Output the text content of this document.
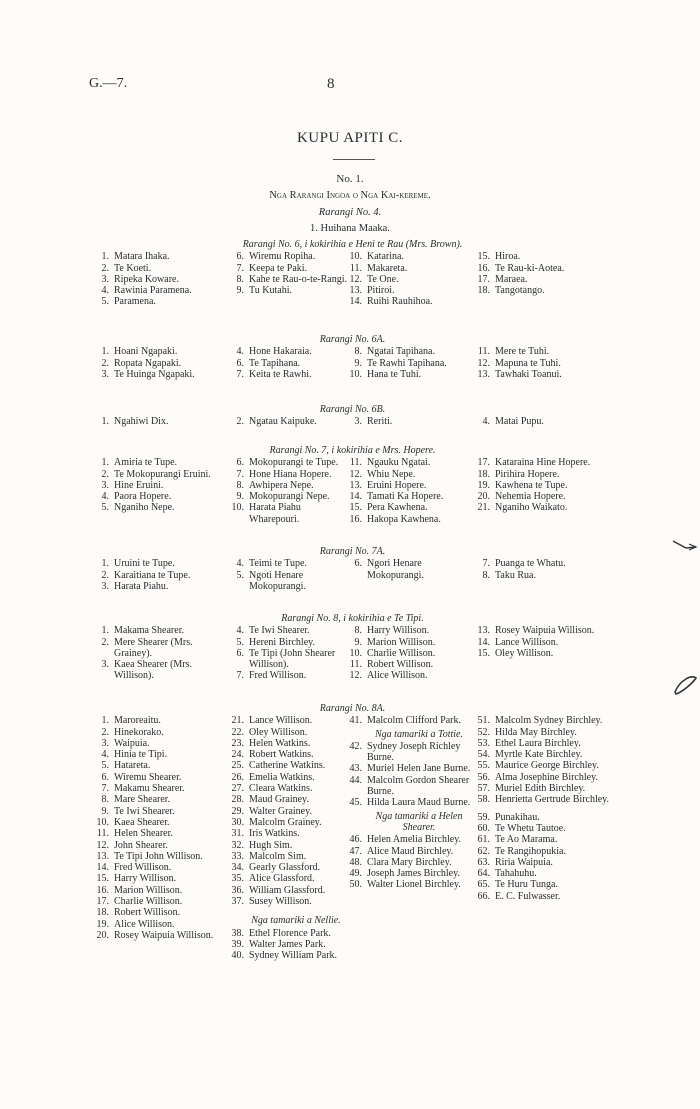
G.—7.	8
KUPU APITI C.
No. 1.
Nga Rarangi Ingoa o Nga Kai-kereme.
Rarangi No. 4.
1. Huihana Maaka.
Rarangi No. 6, i kokirihia e Heni te Rau (Mrs. Brown).
1. Matara Ihaka.
2. Te Koeti.
3. Ripeka Koware.
4. Rawinia Paramena.
5. Paramena.
6. Wiremu Ropiha.
7. Keepa te Paki.
8. Kahe te Rau-o-te-Rangi.
9. Tu Kutahi.
10. Katarina.
11. Makareta.
12. Te One.
13. Pitiroi.
14. Ruihi Rauhihoa.
15. Hiroa.
16. Te Rau-ki-Aotea.
17. Maraea.
18. Tangotango.
Rarangi No. 6A.
1. Hoani Ngapaki.
2. Ropata Ngapaki.
3. Te Huinga Ngapaki.
4. Hone Hakaraia.
6. Te Tapihana.
7. Keita te Rawhi.
8. Ngatai Tapihana.
9. Te Rawhi Tapihana.
10. Hana te Tuhi.
11. Mere te Tuhi.
12. Mapuna te Tuhi.
13. Tawhaki Toanui.
Rarangi No. 6B.
1. Ngahiwi Dix.	2. Ngatau Kaipuke.	3. Reriti.	4. Matai Pupu.
Rarangi No. 7, i kokirihia e Mrs. Hopere.
1. Amiria te Tupe.
2. Te Mokopurangi Eruini.
3. Hine Eruini.
4. Paora Hopere.
5. Nganiho Nepe.
6. Mokopurangi te Tupe.
7. Hone Hiana Hopere.
8. Awhipera Nepe.
9. Mokopurangi Nepe.
10. Harata Piahu Wharepouri.
11. Ngauku Ngatai.
12. Whiu Nepe.
13. Eruini Hopere.
14. Tamati Ka Hopere.
15. Pera Kawhena.
16. Hakopa Kawhena.
17. Kataraina Hine Hopere.
18. Pirihira Hopere.
19. Kawhena te Tupe.
20. Nehemia Hopere.
21. Nganiho Waikato.
Rarangi No. 7A.
1. Uruini te Tupe.
2. Karaitiana te Tupe.
3. Harata Piahu.
4. Teimi te Tupe.
5. Ngoti Henare Mokopurangi.
6. Ngori Henare Mokopurangi.
7. Puanga te Whatu.
8. Taku Rua.
Rarangi No. 8, i kokirihia e Te Tipi.
1. Makama Shearer.
2. Mere Shearer (Mrs. Grainey).
3. Kaea Shearer (Mrs. Willison).
4. Te Iwi Shearer.
5. Hereni Birchley.
6. Te Tipi (John Shearer Willison).
7. Fred Willison.
8. Harry Willison.
9. Marion Willison.
10. Charlie Willison.
11. Robert Willison.
12. Alice Willison.
13. Rosey Waipuia Willison.
14. Lance Willison.
15. Oley Willison.
Rarangi No. 8A.
1. Maroreaitu.
2. Hinekorako.
3. Waipuia.
4. Hinia te Tipi.
5. Hatareta.
6. Wiremu Shearer.
7. Makamu Shearer.
8. Mare Shearer.
9. Te Iwi Shearer.
10. Kaea Shearer.
11. Helen Shearer.
12. John Shearer.
13. Te Tipi John Willison.
14. Fred Willison.
15. Harry Willison.
16. Marion Willison.
17. Charlie Willison.
18. Robert Willison.
19. Alice Willison.
20. Rosey Waipuia Willison.
21. Lance Willison.
22. Oley Willison.
23. Helen Watkins.
24. Robert Watkins.
25. Catherine Watkins.
26. Emelia Watkins.
27. Cleara Watkins.
28. Maud Grainey.
29. Walter Grainey.
30. Malcolm Grainey.
31. Iris Watkins.
32. Hugh Sim.
33. Malcolm Sim.
34. Gearly Glassford.
35. Alice Glassford.
36. William Glassford.
37. Susey Willison.
Nga tamariki a Nellie.
38. Ethel Florence Park.
39. Walter James Park.
40. Sydney William Park.
41. Malcolm Clifford Park.
Nga tamariki a Tottie.
42. Sydney Joseph Richley Burne.
43. Muriel Helen Jane Burne.
44. Malcolm Gordon Shearer Burne.
45. Hilda Laura Maud Burne.
Nga tamariki a Helen Shearer.
46. Helen Amelia Birchley.
47. Alice Maud Birchley.
48. Clara Mary Birchley.
49. Joseph James Birchley.
50. Walter Lionel Birchley.
51. Malcolm Sydney Birchley.
52. Hilda May Birchley.
53. Ethel Laura Birchley.
54. Myrtle Kate Birchley.
55. Maurice George Birchley.
56. Alma Josephine Birchley.
57. Muriel Edith Birchley.
58. Henrietta Gertrude Birchley.
59. Punakihau.
60. Te Whetu Tautoe.
61. Te Ao Marama.
62. Te Rangihopukia.
63. Riria Waipuia.
64. Tahahuhu.
65. Te Huru Tunga.
66. E. C. Fulwasser.
